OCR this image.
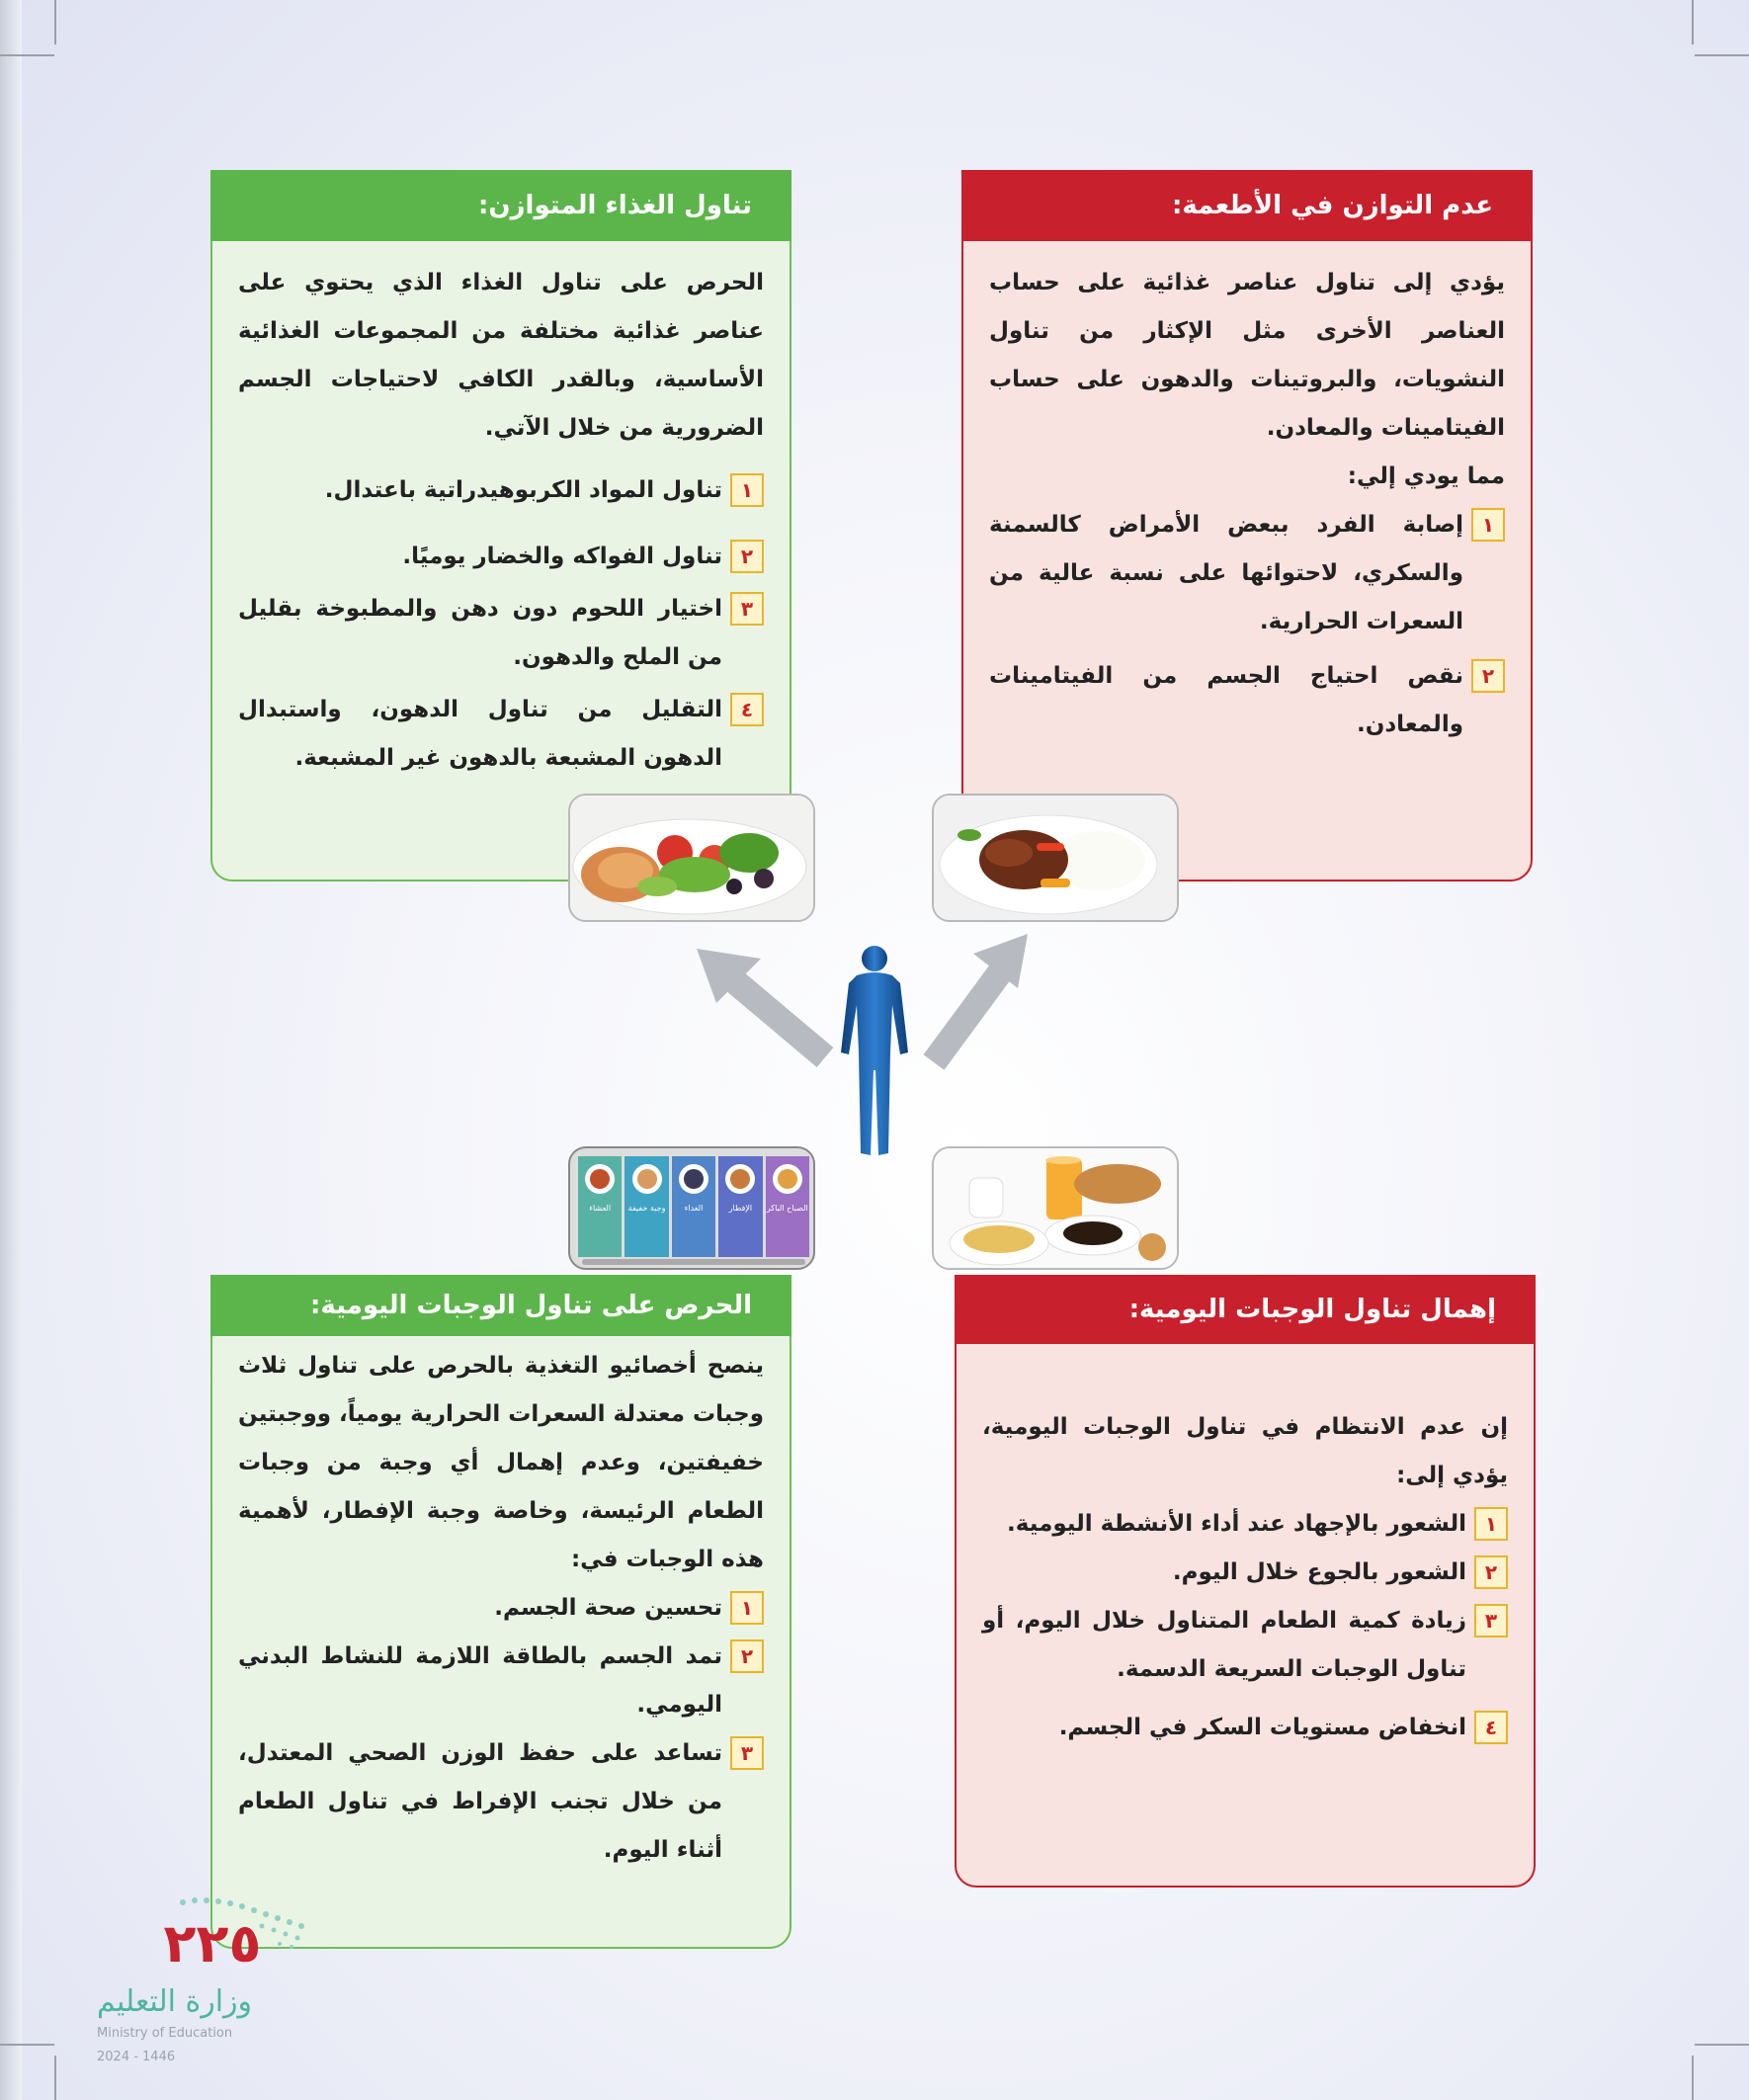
تناول الغذاء المتوازن:
الحرص على تناول الغذاء الذي يحتوي على عناصر غذائية مختلفة من المجموعات الغذائية الأساسية، وبالقدر الكافي لاحتياجات الجسم الضرورية من خلال الآتي.
١
تناول المواد الكربوهيدراتية باعتدال.
٢
تناول الفواكه والخضار يوميًا.
٣
اختيار اللحوم دون دهن والمطبوخة بقليل من الملح والدهون.
٤
التقليل من تناول الدهون، واستبدال الدهون المشبعة بالدهون غير المشبعة.
عدم التوازن في الأطعمة:
يؤدي إلى تناول عناصر غذائية على حساب العناصر الأخرى مثل الإكثار من تناول النشويات، والبروتينات والدهون على حساب الفيتامينات والمعادن.
مما يودي إلي:
١
إصابة الفرد ببعض الأمراض كالسمنة والسكري، لاحتوائها على نسبة عالية من السعرات الحرارية.
٢
نقص احتياج الجسم من الفيتامينات والمعادن.
الحرص على تناول الوجبات اليومية:
ينصح أخصائيو التغذية بالحرص على تناول ثلاث وجبات معتدلة السعرات الحرارية يومياً، ووجبتين خفيفتين، وعدم إهمال أي وجبة من وجبات الطعام الرئيسة، وخاصة وجبة الإفطار، لأهمية هذه الوجبات في:
١
تحسين صحة الجسم.
٢
تمد الجسم بالطاقة اللازمة للنشاط البدني اليومي.
٣
تساعد على حفظ الوزن الصحي المعتدل، من خلال تجنب الإفراط في تناول الطعام أثناء اليوم.
إهمال تناول الوجبات اليومية:
إن عدم الانتظام في تناول الوجبات اليومية، يؤدي إلى:
١
الشعور بالإجهاد عند أداء الأنشطة اليومية.
٢
الشعور بالجوع خلال اليوم.
٣
زيادة كمية الطعام المتناول خلال اليوم، أو تناول الوجبات السريعة الدسمة.
٤
انخفاض مستويات السكر في الجسم.
الصباح الباكر
الإفطار
الغداء
وجبة خفيفة
العشاء
٢٢٥
وزارة التعليم
Ministry of Education
2024 - 1446
